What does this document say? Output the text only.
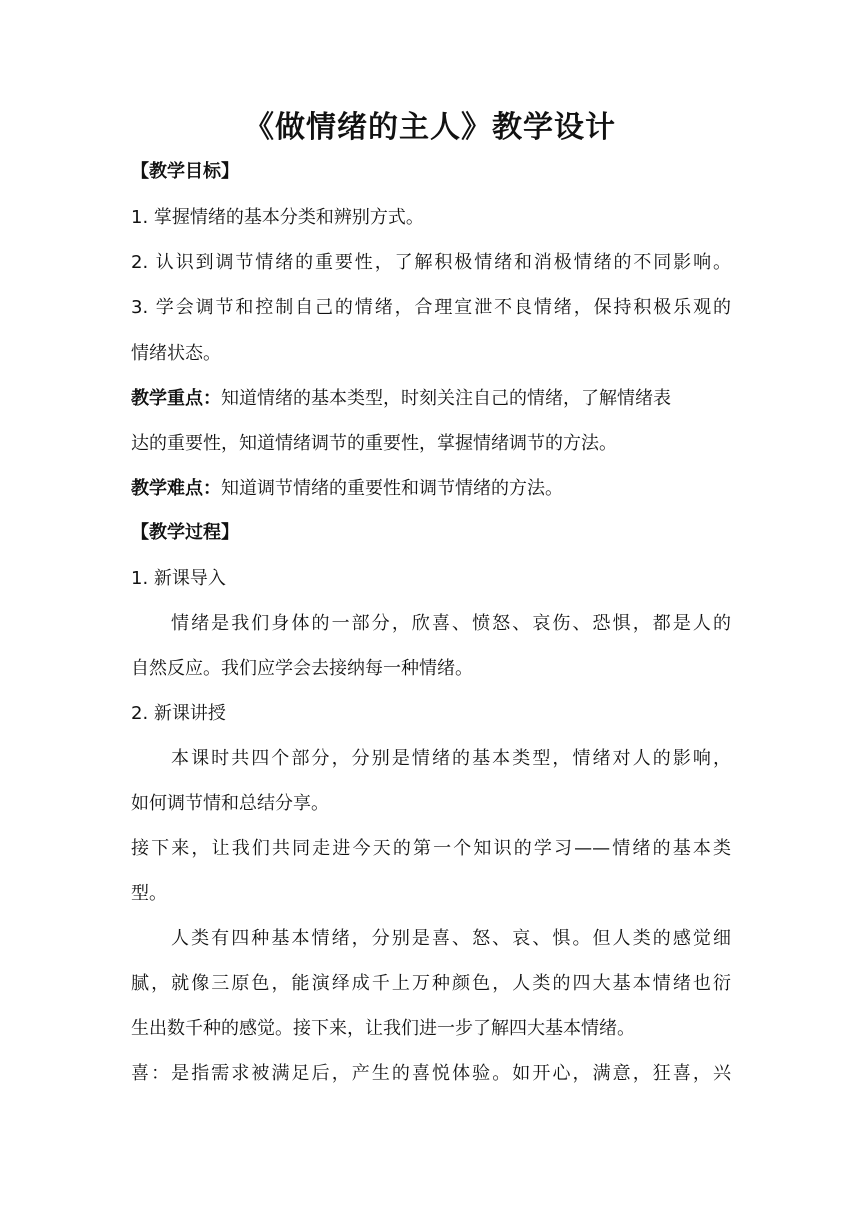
《做情绪的主人》教学设计
【教学目标】
1. 掌握情绪的基本分类和辨别方式。
2. 认识到调节情绪的重要性，了解积极情绪和消极情绪的不同影响。
3. 学会调节和控制自己的情绪，合理宣泄不良情绪，保持积极乐观的
情绪状态。
教学重点：知道情绪的基本类型，时刻关注自己的情绪，了解情绪表
达的重要性，知道情绪调节的重要性，掌握情绪调节的方法。
教学难点：知道调节情绪的重要性和调节情绪的方法。
【教学过程】
1. 新课导入
情绪是我们身体的一部分，欣喜、愤怒、哀伤、恐惧，都是人的
自然反应。我们应学会去接纳每一种情绪。
2. 新课讲授
本课时共四个部分，分别是情绪的基本类型，情绪对人的影响，
如何调节情和总结分享。
接下来，让我们共同走进今天的第一个知识的学习——情绪的基本类
型。
人类有四种基本情绪，分别是喜、怒、哀、惧。但人类的感觉细
腻，就像三原色，能演绎成千上万种颜色，人类的四大基本情绪也衍
生出数千种的感觉。接下来，让我们进一步了解四大基本情绪。
喜：是指需求被满足后，产生的喜悦体验。如开心，满意，狂喜，兴
